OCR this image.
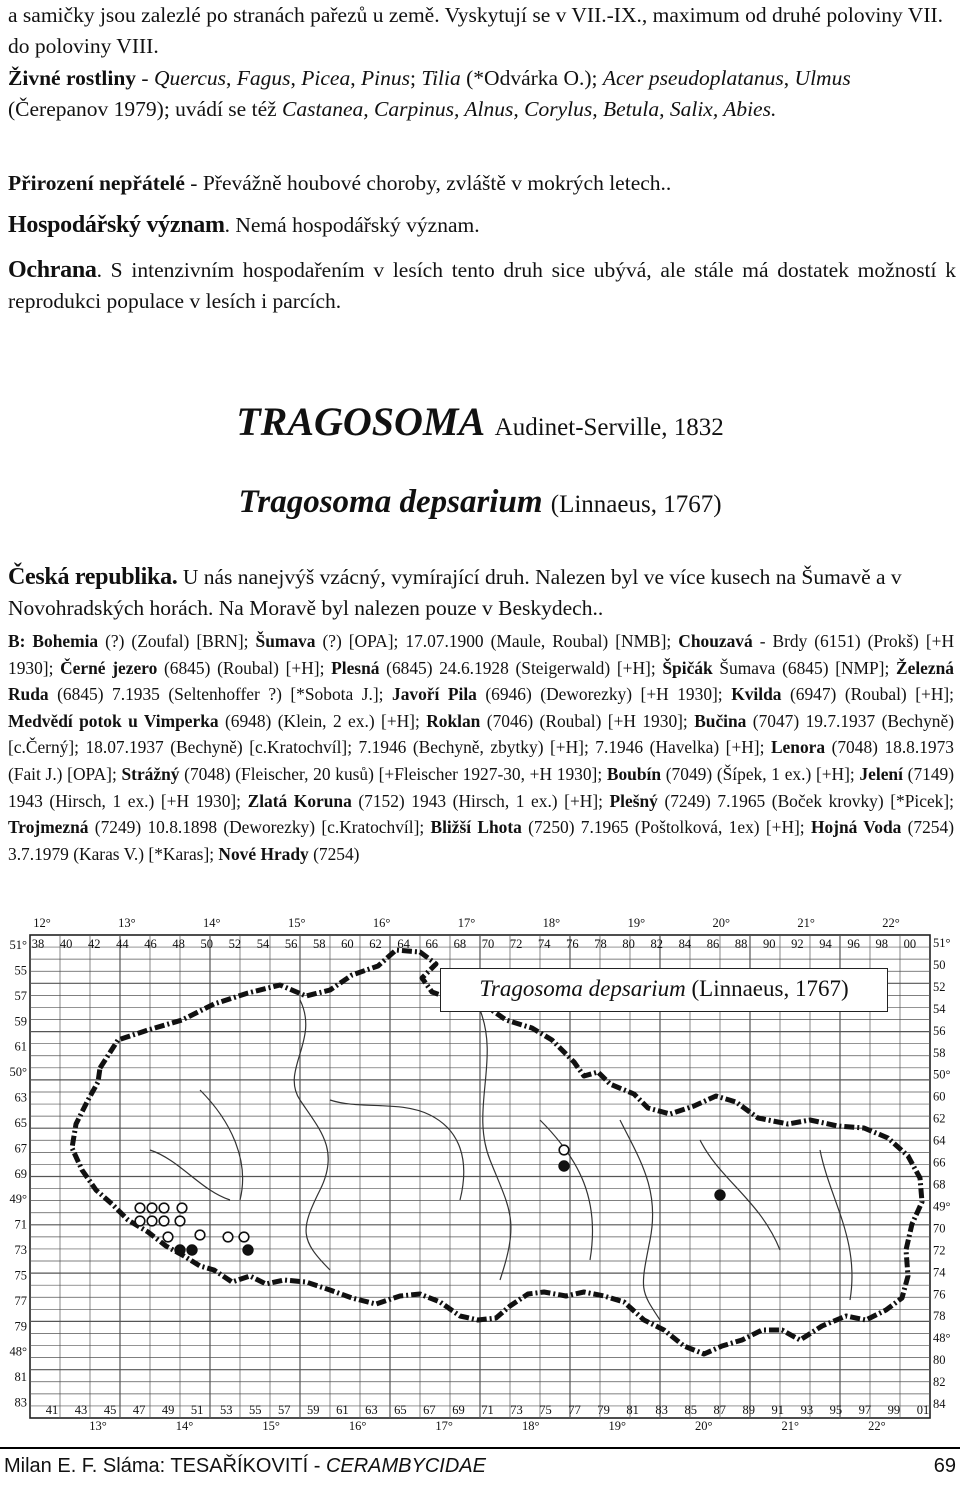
a samičky jsou zalezlé po stranách pařezů u země. Vyskytují se v VII.-IX., maximum od druhé poloviny VII. do poloviny VIII.

Živné rostliny - Quercus, Fagus, Picea, Pinus; Tilia (*Odvárka O.); Acer pseudoplatanus, Ulmus (Čerepanov 1979); uvádí se též Castanea, Carpinus, Alnus, Corylus, Betula, Salix, Abies.

Přirození nepřátelé - Převážně houbové choroby, zvláště v mokrých letech..

Hospodářský význam. Nemá hospodářský význam.

Ochrana. S intenzivním hospodařením v lesích tento druh sice ubývá, ale stále má dostatek možností k reprodukci populace v lesích i parcích.

TRAGOSOMA Audinet-Serville, 1832

Tragosoma depsarium (Linnaeus, 1767)

Česká republika. U nás nanejvýš vzácný, vymírající druh. Nalezen byl ve více kusech na Šumavě a v Novohradských horách. Na Moravě byl nalezen pouze v Beskydech..

B: Bohemia (?) (Zoufal) [BRN]; Šumava (?) [OPA]; 17.07.1900 (Maule, Roubal) [NMB]; Chouzavá - Brdy (6151) (Prokš) [+H 1930]; Černé jezero (6845) (Roubal) [+H]; Plesná (6845) 24.6.1928 (Steigerwald) [+H]; Špičák Šumava (6845) [NMP]; Železná Ruda (6845) 7.1935 (Seltenhoffer ?) [*Sobota J.]; Javoří Pila (6946) (Deworezky) [+H 1930]; Kvilda (6947) (Roubal) [+H]; Medvědí potok u Vimperka (6948) (Klein, 2 ex.) [+H]; Roklan (7046) (Roubal) [+H 1930]; Bučina (7047) 19.7.1937 (Bechyně) [c.Černý]; 18.07.1937 (Bechyně) [c.Kratochvíl]; 7.1946 (Bechyně, zbytky) [+H]; 7.1946 (Havelka) [+H]; Lenora (7048) 18.8.1973 (Fait J.) [OPA]; Strážný (7048) (Fleischer, 20 kusů) [+Fleischer 1927-30, +H 1930]; Boubín (7049) (Šípek, 1 ex.) [+H]; Jelení (7149) 1943 (Hirsch, 1 ex.) [+H 1930]; Zlatá Koruna (7152) 1943 (Hirsch, 1 ex.) [+H]; Plešný (7249) 7.1965 (Boček krovky) [*Picek]; Trojmezná (7249) 10.8.1898 (Deworezky) [c.Kratochvíl]; Bližší Lhota (7250) 7.1965 (Poštolková, 1ex) [+H]; Hojná Voda (7254) 3.7.1979 (Karas V.) [*Karas]; Nové Hrady (7254)

38 40 42 44 46 48 50 52 54 56 58 60 62 64 66 68 70 72 74 76 78 80 82 84 86 88 90 92 94 96 98 00
12°	13°	14°	15°	16°	17°	18°	19°	20°	21°	22°
41 43 45 47 49 51 53 55 57 59 61 63 65 67 69 71 73 75 77 79 81 83 85 87 89 91 93 95 97 99 01
13°	14°	15°	16°	17°	18°	19°	20°	21°	22°
51°
55
57
59
61
50°
63
65
67
69
49°
71
73
75
77
79
48°
81
83
51°
50
52
54
56
58
50°
60
62
64
66
68
49°
70
72
74
76
78
48°
80
82
84
Tragosoma depsarium (Linnaeus, 1767)
Milan E. F. Sláma: TESAŘÍKOVITÍ - CERAMBYCIDAE	69
